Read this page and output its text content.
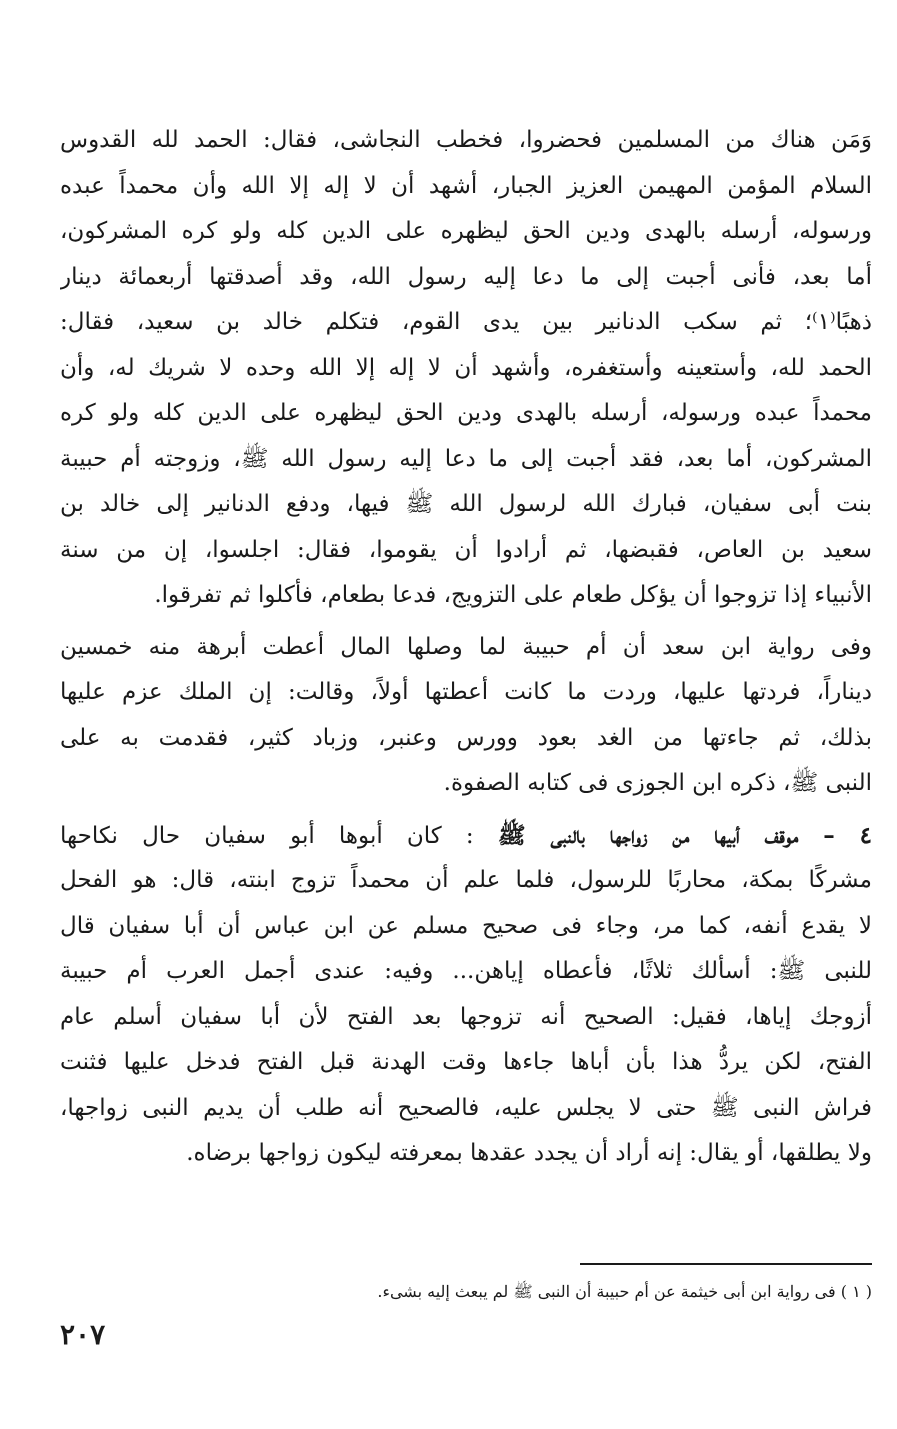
وَمَن هناك من المسلمين فحضروا، فخطب النجاشى، فقال: الحمد لله القدوس
السلام المؤمن المهيمن العزيز الجبار، أشهد أن لا إله إلا الله وأن محمداً عبده
ورسوله، أرسله بالهدى ودين الحق ليظهره على الدين كله ولو كره المشركون،
أما بعد، فأنى أجبت إلى ما دعا إليه رسول الله، وقد أصدقتها أربعمائة دينار
ذهبًا⁽١⁾؛ ثم سكب الدنانير بين يدى القوم، فتكلم خالد بن سعيد، فقال:
الحمد لله، وأستعينه وأستغفره، وأشهد أن لا إله إلا الله وحده لا شريك له، وأن
محمداً عبده ورسوله، أرسله بالهدى ودين الحق ليظهره على الدين كله ولو كره
المشركون، أما بعد، فقد أجبت إلى ما دعا إليه رسول الله ﷺ، وزوجته أم حبيبة
بنت أبى سفيان، فبارك الله لرسول الله ﷺ فيها، ودفع الدنانير إلى خالد بن
سعيد بن العاص، فقبضها، ثم أرادوا أن يقوموا، فقال: اجلسوا، إن من سنة
الأنبياء إذا تزوجوا أن يؤكل طعام على التزويج، فدعا بطعام، فأكلوا ثم تفرقوا.
وفى رواية ابن سعد أن أم حبيبة لما وصلها المال أعطت أبرهة منه خمسين
ديناراً، فردتها عليها، وردت ما كانت أعطتها أولاً، وقالت: إن الملك عزم عليها
بذلك، ثم جاءتها من الغد بعود وورس وعنبر، وزباد كثير، فقدمت به على
النبى ﷺ، ذكره ابن الجوزى فى كتابه الصفوة.
٤ – موقف أبيها من زواجها بالنبى ﷺ : كان أبوها أبو سفيان حال نكاحها
مشركًا بمكة، محاربًا للرسول، فلما علم أن محمداً تزوج ابنته، قال: هو الفحل
لا يقدع أنفه، كما مر، وجاء فى صحيح مسلم عن ابن عباس أن أبا سفيان قال
للنبى ﷺ: أسألك ثلاثًا، فأعطاه إياهن... وفيه: عندى أجمل العرب أم حبيبة
أزوجك إياها، فقيل: الصحيح أنه تزوجها بعد الفتح لأن أبا سفيان أسلم عام
الفتح، لكن يردُّ هذا بأن أباها جاءها وقت الهدنة قبل الفتح فدخل عليها فثنت
فراش النبى ﷺ حتى لا يجلس عليه، فالصحيح أنه طلب أن يديم النبى زواجها،
ولا يطلقها، أو يقال: إنه أراد أن يجدد عقدها بمعرفته ليكون زواجها برضاه.
( ١ ) فى رواية ابن أبى خيثمة عن أم حبيبة أن النبى ﷺ لم يبعث إليه بشىء.
٢٠٧
